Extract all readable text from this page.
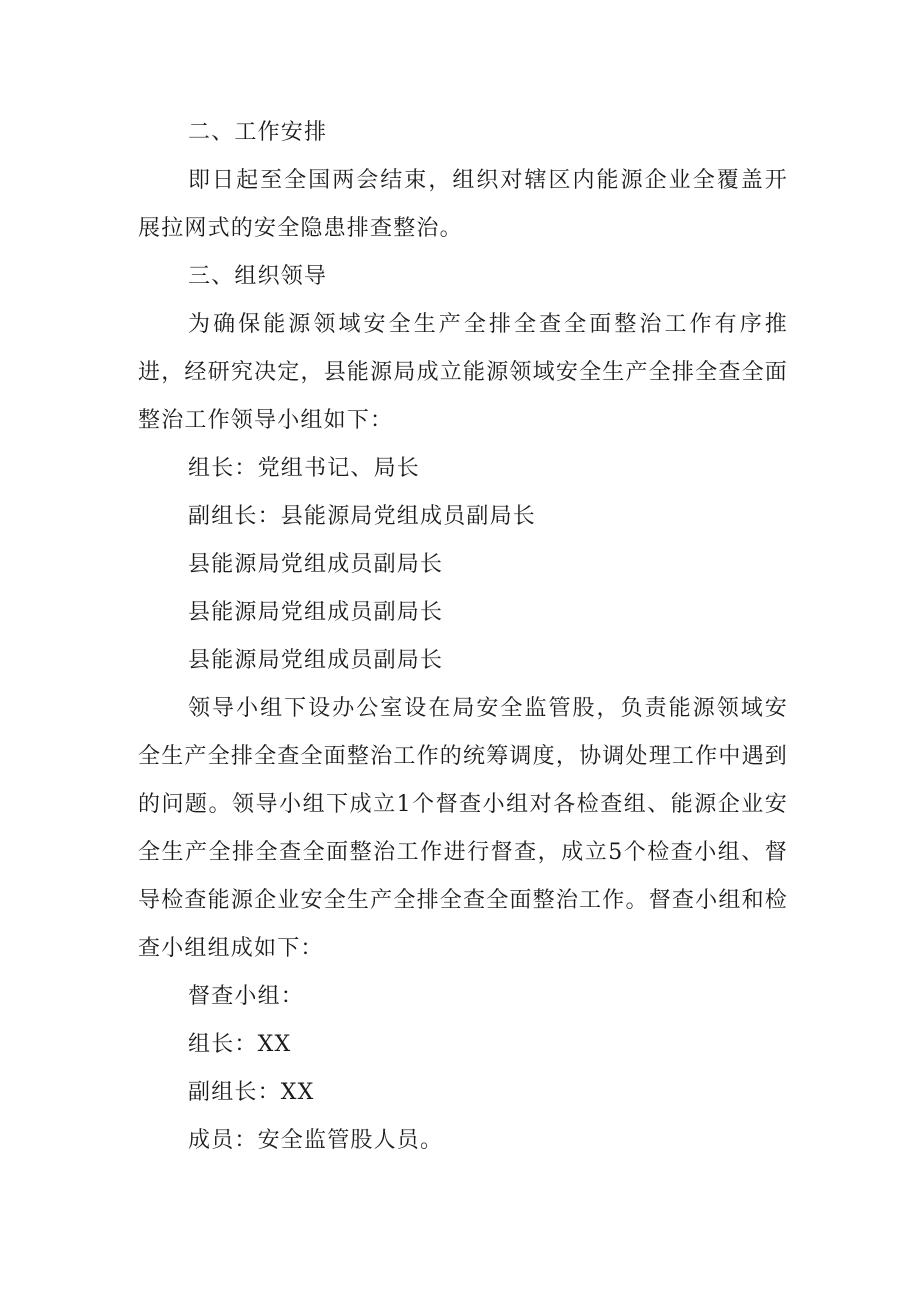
二、工作安排

即日起至全国两会结束，组织对辖区内能源企业全覆盖开展拉网式的安全隐患排查整治。

三、组织领导

为确保能源领域安全生产全排全查全面整治工作有序推进，经研究决定，县能源局成立能源领域安全生产全排全查全面整治工作领导小组如下：

组长：党组书记、局长

副组长：县能源局党组成员副局长

县能源局党组成员副局长

县能源局党组成员副局长

县能源局党组成员副局长

领导小组下设办公室设在局安全监管股，负责能源领域安全生产全排全查全面整治工作的统筹调度，协调处理工作中遇到的问题。领导小组下成立1个督查小组对各检查组、能源企业安全生产全排全查全面整治工作进行督查，成立5个检查小组、督导检查能源企业安全生产全排全查全面整治工作。督查小组和检查小组组成如下：

督查小组：

组长：XX

副组长：XX

成员：安全监管股人员。
